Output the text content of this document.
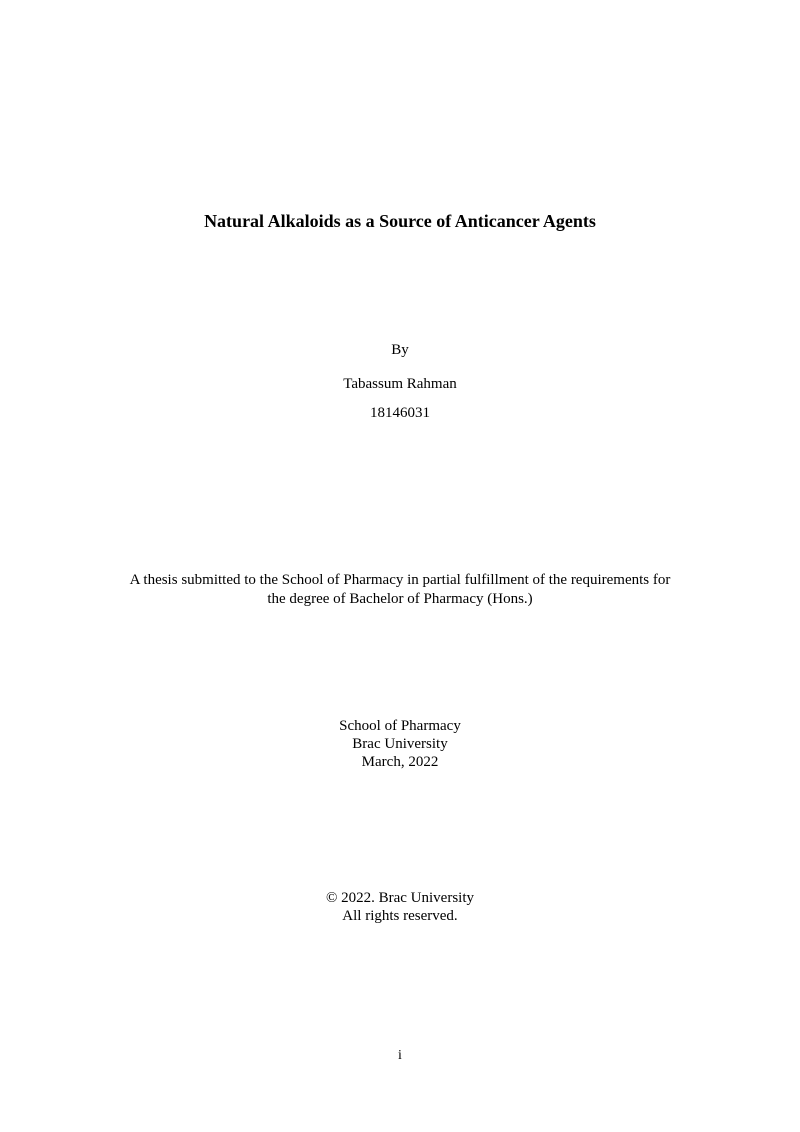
Natural Alkaloids as a Source of Anticancer Agents
By
Tabassum Rahman
18146031
A thesis submitted to the School of Pharmacy in partial fulfillment of the requirements for
the degree of Bachelor of Pharmacy (Hons.)
School of Pharmacy
Brac University
March, 2022
© 2022. Brac University
All rights reserved.
i
